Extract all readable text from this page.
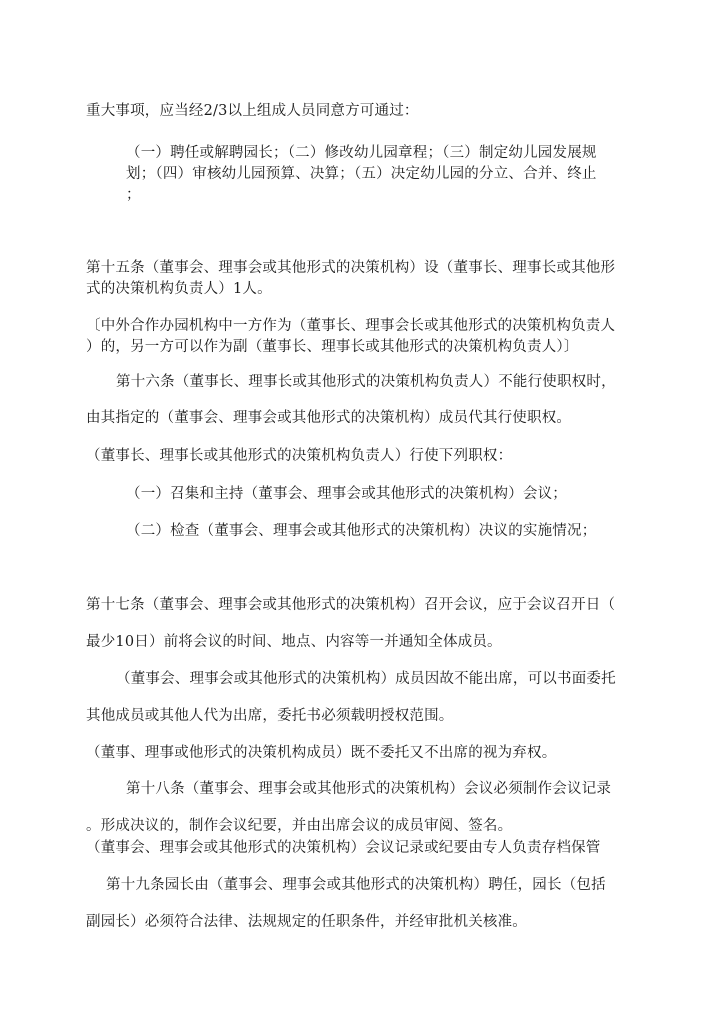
重大事项，应当经2/3以上组成人员同意方可通过：

（一）聘任或解聘园长；（二）修改幼儿园章程；（三）制定幼儿园发展规

划；（四）审核幼儿园预算、决算；（五）决定幼儿园的分立、合并、终止

；

第十五条（董事会、理事会或其他形式的决策机构）设（董事长、理事长或其他形

式的决策机构负责人）1人。

〔中外合作办园机构中一方作为（董事长、理事会长或其他形式的决策机构负责人

）的，另一方可以作为副（董事长、理事长或其他形式的决策机构负责人）〕

第十六条（董事长、理事长或其他形式的决策机构负责人）不能行使职权时，

由其指定的（董事会、理事会或其他形式的决策机构）成员代其行使职权。

（董事长、理事长或其他形式的决策机构负责人）行使下列职权：

（一）召集和主持（董事会、理事会或其他形式的决策机构）会议；

（二）检查（董事会、理事会或其他形式的决策机构）决议的实施情况；

第十七条（董事会、理事会或其他形式的决策机构）召开会议，应于会议召开日（

最少10日）前将会议的时间、地点、内容等一并通知全体成员。

（董事会、理事会或其他形式的决策机构）成员因故不能出席，可以书面委托

其他成员或其他人代为出席，委托书必须载明授权范围。

（董事、理事或他形式的决策机构成员）既不委托又不出席的视为弃权。

第十八条（董事会、理事会或其他形式的决策机构）会议必须制作会议记录

。形成决议的，制作会议纪要，并由出席会议的成员审阅、签名。

（董事会、理事会或其他形式的决策机构）会议记录或纪要由专人负责存档保管

第十九条园长由（董事会、理事会或其他形式的决策机构）聘任，园长（包括

副园长）必须符合法律、法规规定的任职条件，并经审批机关核准。
